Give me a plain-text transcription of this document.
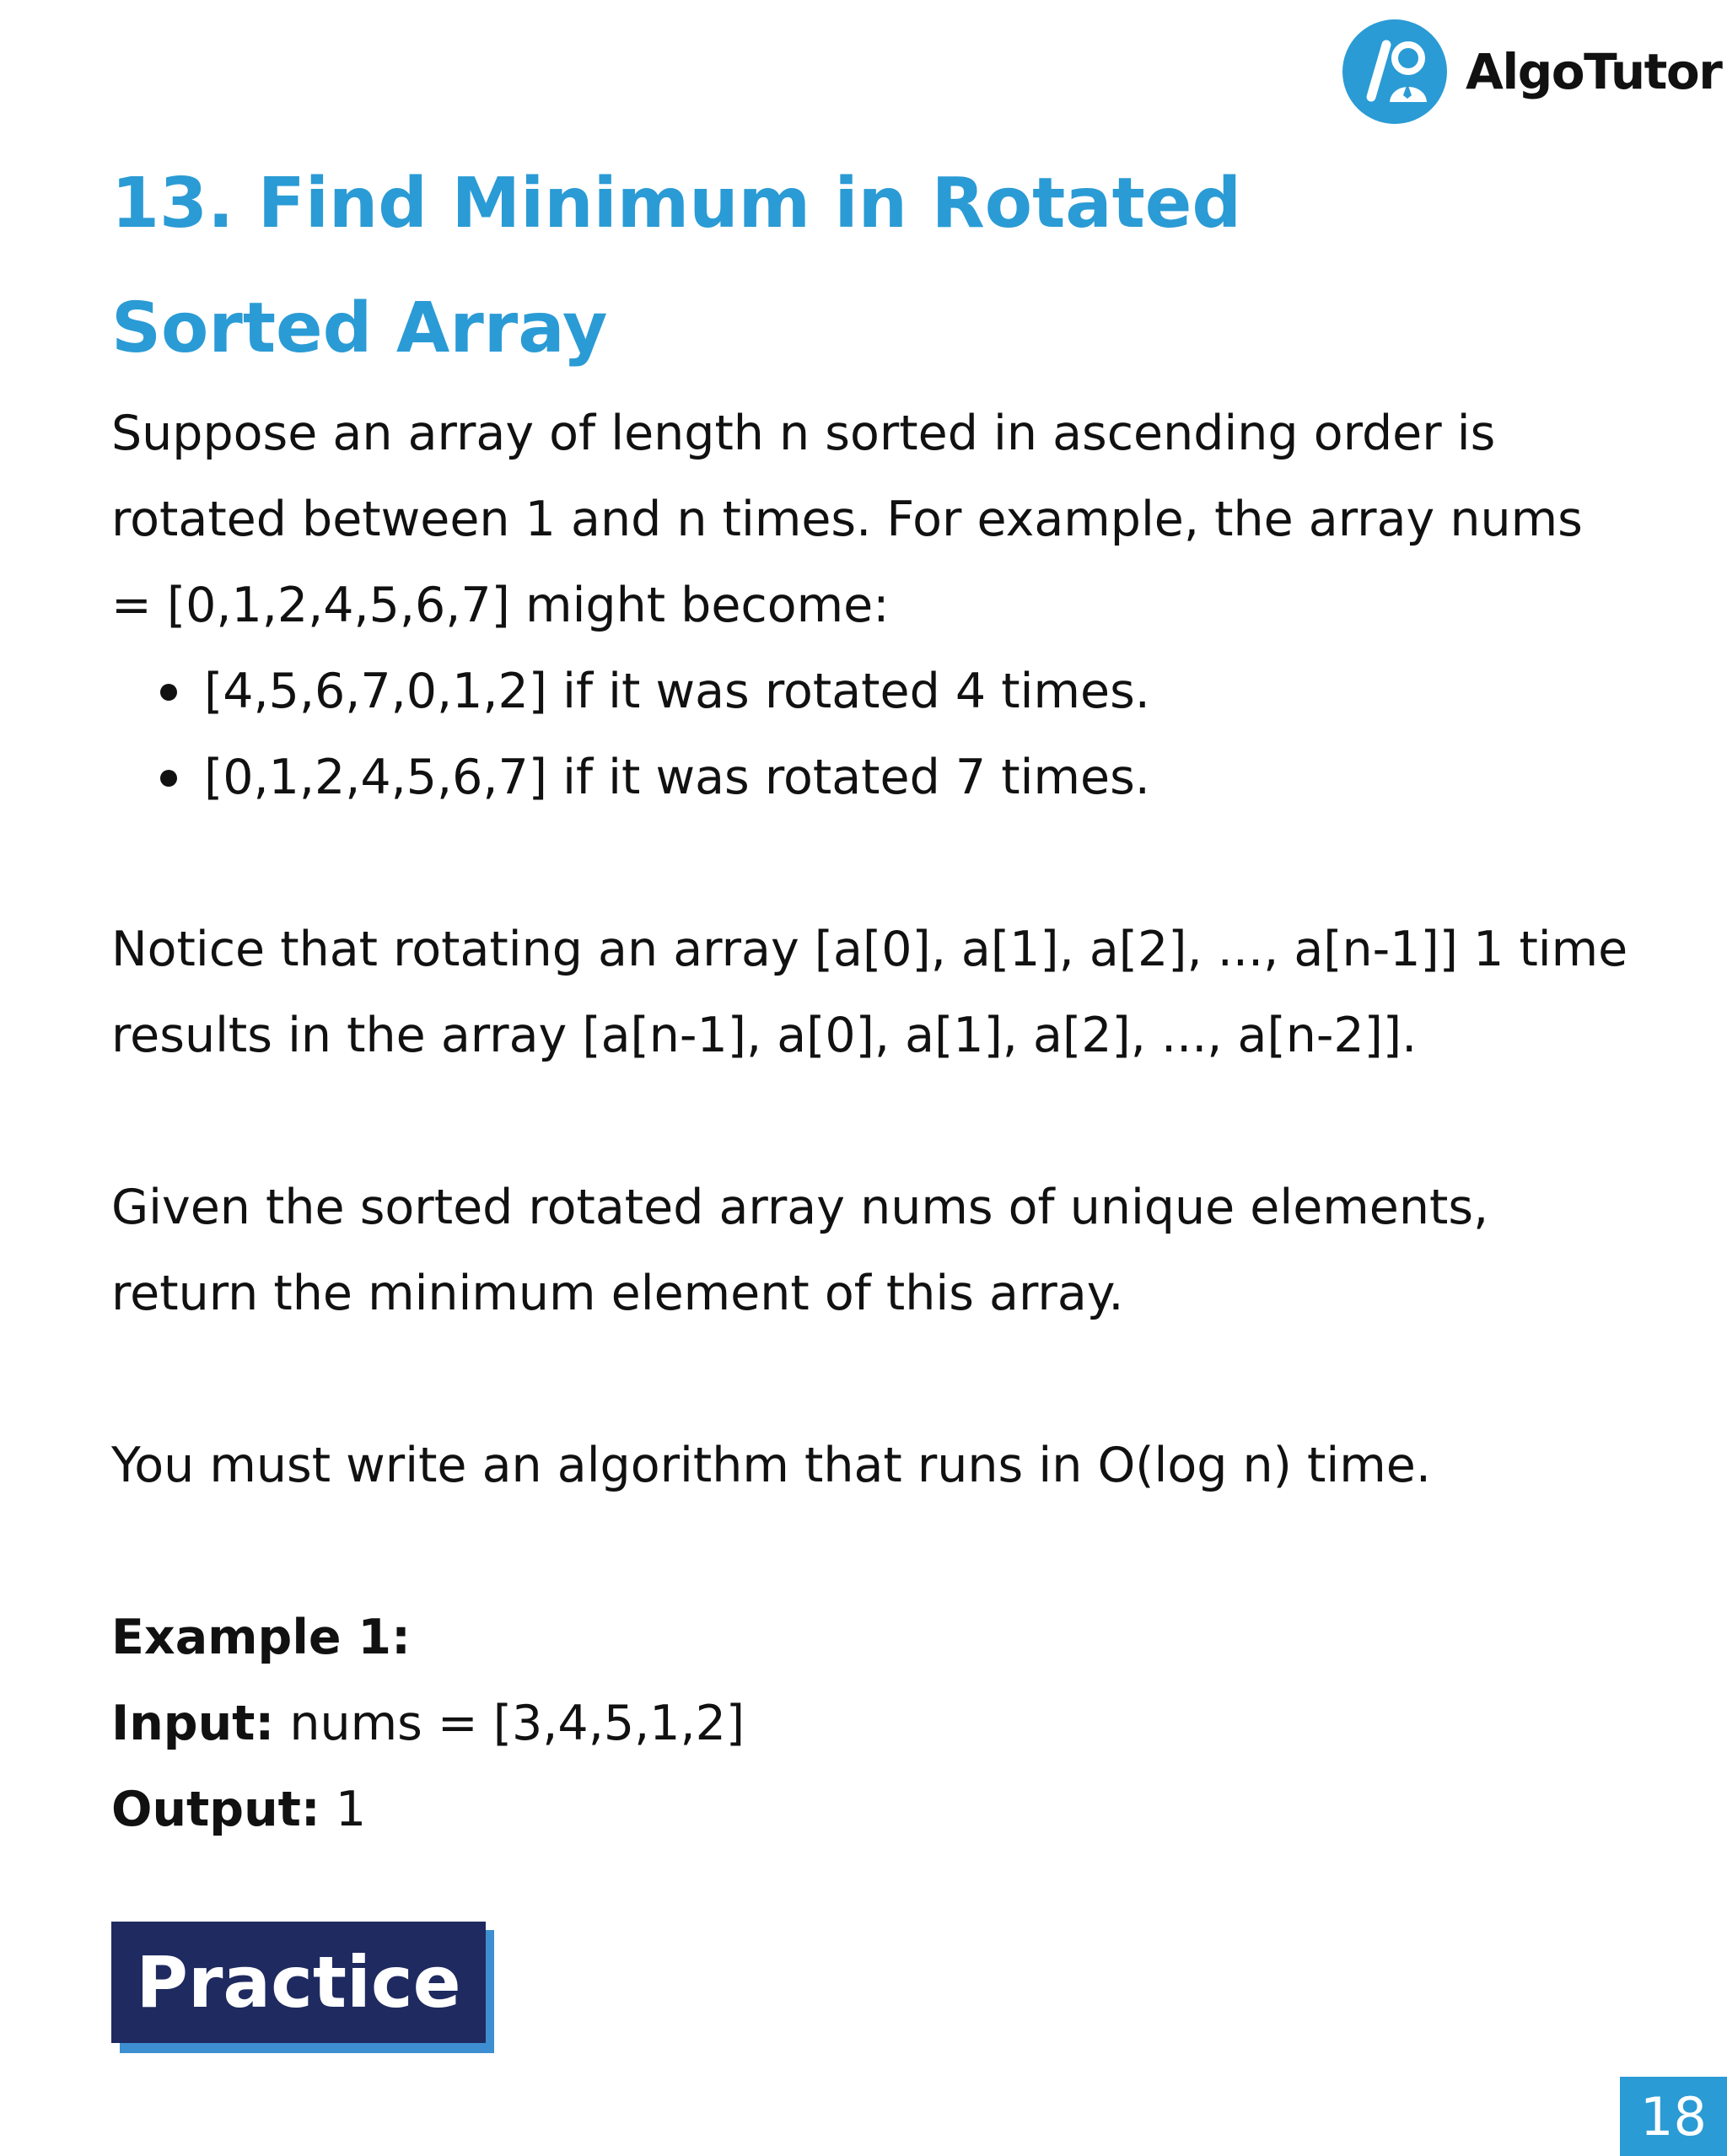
AlgoTutor
13. Find Minimum in Rotated Sorted Array

Suppose an array of length n sorted in ascending order is rotated between 1 and n times. For example, the array nums = [0,1,2,4,5,6,7] might become:

[4,5,6,7,0,1,2] if it was rotated 4 times.
[0,1,2,4,5,6,7] if it was rotated 7 times.

Notice that rotating an array [a[0], a[1], a[2], ..., a[n-1]] 1 time results in the array [a[n-1], a[0], a[1], a[2], ..., a[n-2]].

Given the sorted rotated array nums of unique elements, return the minimum element of this array.

You must write an algorithm that runs in O(log n) time.

Example 1:

Input: nums = [3,4,5,1,2]

Output: 1

Practice
18
